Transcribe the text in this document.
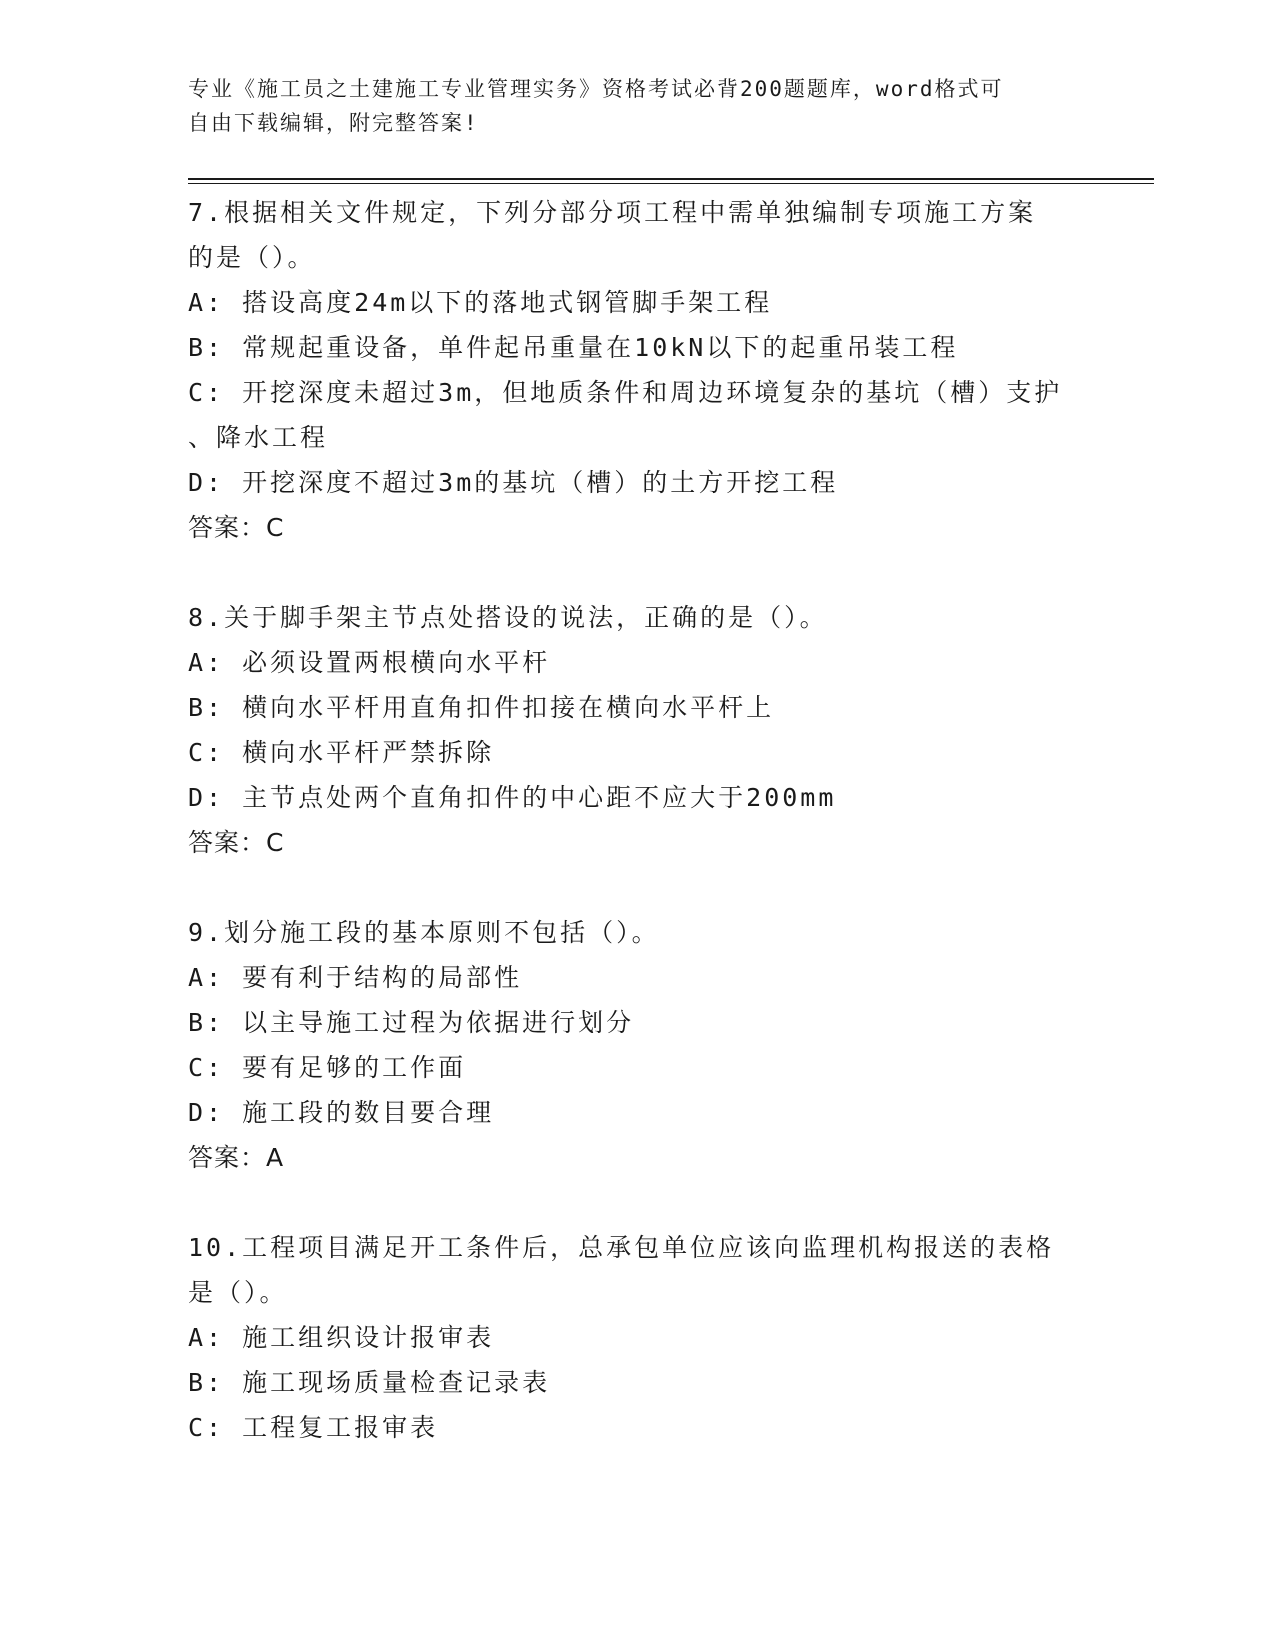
专业《施工员之土建施工专业管理实务》资格考试必背200题题库，word格式可
自由下载编辑，附完整答案!
7.根据相关文件规定，下列分部分项工程中需单独编制专项施工方案
的是（）。
A: 搭设高度24m以下的落地式钢管脚手架工程
B: 常规起重设备，单件起吊重量在10kN以下的起重吊装工程
C: 开挖深度未超过3m，但地质条件和周边环境复杂的基坑（槽）支护
、降水工程
D: 开挖深度不超过3m的基坑（槽）的土方开挖工程
答案：C
8.关于脚手架主节点处搭设的说法，正确的是（）。
A: 必须设置两根横向水平杆
B: 横向水平杆用直角扣件扣接在横向水平杆上
C: 横向水平杆严禁拆除
D: 主节点处两个直角扣件的中心距不应大于200mm
答案：C
9.划分施工段的基本原则不包括（）。
A: 要有利于结构的局部性
B: 以主导施工过程为依据进行划分
C: 要有足够的工作面
D: 施工段的数目要合理
答案：A
10.工程项目满足开工条件后，总承包单位应该向监理机构报送的表格
是（）。
A: 施工组织设计报审表
B: 施工现场质量检查记录表
C: 工程复工报审表
